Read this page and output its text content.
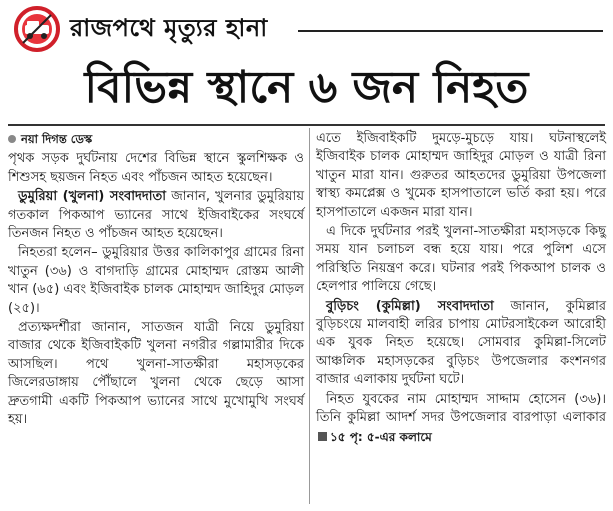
রাজপথে মৃত্যুর হানা
বিভিন্ন স্থানে ৬ জন নিহত
নয়া দিগন্ত ডেস্ক

পৃথক সড়ক দুর্ঘটনায় দেশের বিভিন্ন স্থানে স্কুলশিক্ষক ও শিশুসহ ছয়জন নিহত এবং পাঁচজন আহত হয়েছেন।

ডুমুরিয়া (খুলনা) সংবাদদাতা জানান, খুলনার ডুমুরিয়ায় গতকাল পিকআপ ভ্যানের সাথে ইজিবাইকের সংঘর্ষে তিনজন নিহত ও পাঁচজন আহত হয়েছেন।

নিহতরা হলেন– ডুমুরিয়ার উত্তর কালিকাপুর গ্রামের রিনা খাতুন (৩৬) ও বাগদাড়ি গ্রামের মোহাম্মদ রোস্তম আলী খান (৬৫) এবং ইজিবাইক চালক মোহাম্মদ জাহিদুর মোড়ল (২৫)।

প্রত্যক্ষদর্শীরা জানান, সাতজন যাত্রী নিয়ে ডুমুরিয়া বাজার থেকে ইজিবাইকটি খুলনা নগরীর গল্লামারীর দিকে আসছিল। পথে খুলনা-সাতক্ষীরা মহাসড়কের জিলেরডাঙ্গায় পৌঁছালে খুলনা থেকে ছেড়ে আসা দ্রুতগামী একটি পিকআপ ভ্যানের সাথে মুখোমুখি সংঘর্ষ হয়।

এতে ইজিবাইকটি দুমড়ে-মুচড়ে যায়। ঘটনাস্থলেই ইজিবাইক চালক মোহাম্মদ জাহিদুর মোড়ল ও যাত্রী রিনা খাতুন মারা যান। গুরুতর আহতদের ডুমুরিয়া উপজেলা স্বাস্থ্য কমপ্লেক্স ও খুমেক হাসপাতালে ভর্তি করা হয়। পরে হাসপাতালে একজন মারা যান।

এ দিকে দুর্ঘটনার পরই খুলনা-সাতক্ষীরা মহাসড়কে কিছু সময় যান চলাচল বন্ধ হয়ে যায়। পরে পুলিশ এসে পরিস্থিতি নিয়ন্ত্রণ করে। ঘটনার পরই পিকআপ চালক ও হেলপার পালিয়ে গেছে।

বুড়িচং (কুমিল্লা) সংবাদদাতা জানান, কুমিল্লার বুড়িচংয়ে মালবাহী লরির চাপায় মোটরসাইকেল আরোহী এক যুবক নিহত হয়েছে। সোমবার কুমিল্লা-সিলেট আঞ্চলিক মহাসড়কের বুড়িচং উপজেলার কংশনগর বাজার এলাকায় দুর্ঘটনা ঘটে।

নিহত যুবকের নাম মোহাম্মদ সাদ্দাম হোসেন (৩৬)। তিনি কুমিল্লা আদর্শ সদর উপজেলার বারপাড়া এলাকার ১৫ পৃ: ৫-এর কলামে
